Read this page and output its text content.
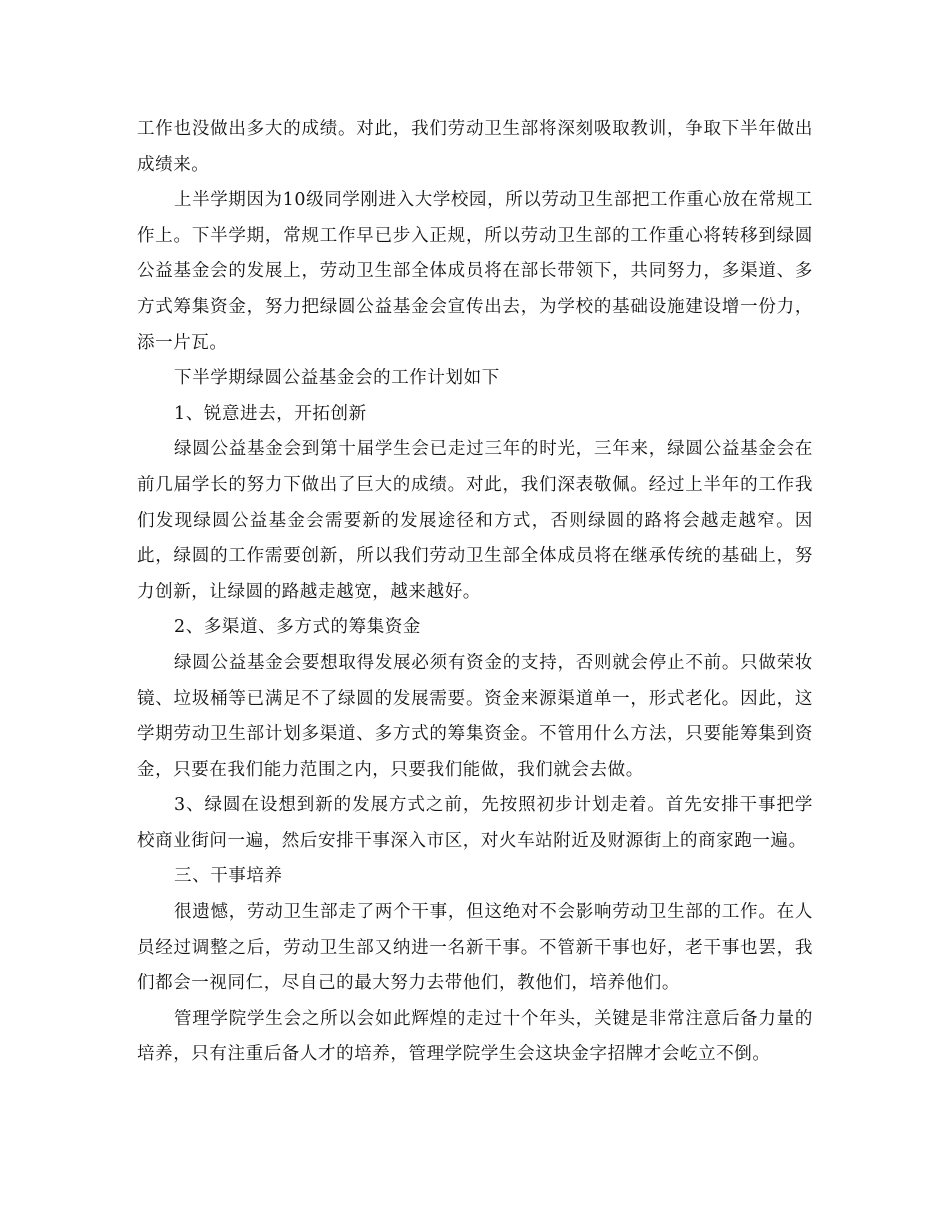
工作也没做出多大的成绩。对此，我们劳动卫生部将深刻吸取教训，争取下半年做出成绩来。

上半学期因为10级同学刚进入大学校园，所以劳动卫生部把工作重心放在常规工作上。下半学期，常规工作早已步入正规，所以劳动卫生部的工作重心将转移到绿圆公益基金会的发展上，劳动卫生部全体成员将在部长带领下，共同努力，多渠道、多方式筹集资金，努力把绿圆公益基金会宣传出去，为学校的基础设施建设增一份力，添一片瓦。

下半学期绿圆公益基金会的工作计划如下

1、锐意进去，开拓创新

绿圆公益基金会到第十届学生会已走过三年的时光，三年来，绿圆公益基金会在前几届学长的努力下做出了巨大的成绩。对此，我们深表敬佩。经过上半年的工作我们发现绿圆公益基金会需要新的发展途径和方式，否则绿圆的路将会越走越窄。因此，绿圆的工作需要创新，所以我们劳动卫生部全体成员将在继承传统的基础上，努力创新，让绿圆的路越走越宽，越来越好。

2、多渠道、多方式的筹集资金

绿圆公益基金会要想取得发展必须有资金的支持，否则就会停止不前。只做荣妆镜、垃圾桶等已满足不了绿圆的发展需要。资金来源渠道单一，形式老化。因此，这学期劳动卫生部计划多渠道、多方式的筹集资金。不管用什么方法，只要能筹集到资金，只要在我们能力范围之内，只要我们能做，我们就会去做。

3、绿圆在设想到新的发展方式之前，先按照初步计划走着。首先安排干事把学校商业街问一遍，然后安排干事深入市区，对火车站附近及财源街上的商家跑一遍。

三、干事培养

很遗憾，劳动卫生部走了两个干事，但这绝对不会影响劳动卫生部的工作。在人员经过调整之后，劳动卫生部又纳进一名新干事。不管新干事也好，老干事也罢，我们都会一视同仁，尽自己的最大努力去带他们，教他们，培养他们。

管理学院学生会之所以会如此辉煌的走过十个年头，关键是非常注意后备力量的培养，只有注重后备人才的培养，管理学院学生会这块金字招牌才会屹立不倒。
